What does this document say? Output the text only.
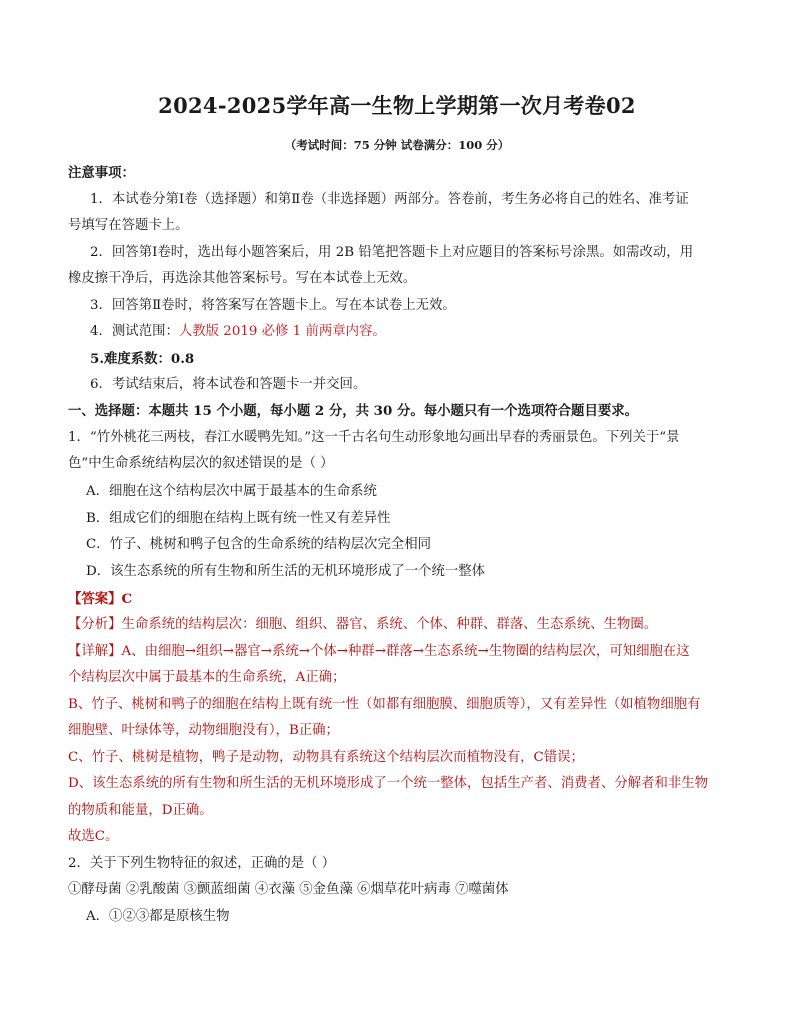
2024-2025学年高一生物上学期第一次月考卷02
（考试时间：75 分钟 试卷满分：100 分）
注意事项：
1．本试卷分第Ⅰ卷（选择题）和第Ⅱ卷（非选择题）两部分。答卷前，考生务必将自己的姓名、准考证
号填写在答题卡上。
2．回答第Ⅰ卷时，选出每小题答案后，用 2B 铅笔把答题卡上对应题目的答案标号涂黑。如需改动，用
橡皮擦干净后，再选涂其他答案标号。写在本试卷上无效。
3．回答第Ⅱ卷时，将答案写在答题卡上。写在本试卷上无效。
4．测试范围：人教版 2019 必修 1 前两章内容。
5.难度系数：0.8
6．考试结束后，将本试卷和答题卡一并交回。
一、选择题：本题共 15 个小题，每小题 2 分，共 30 分。每小题只有一个选项符合题目要求。
1．“竹外桃花三两枝，春江水暖鸭先知。”这一千古名句生动形象地勾画出早春的秀丽景色。下列关于“景
色”中生命系统结构层次的叙述错误的是（ ）
A．细胞在这个结构层次中属于最基本的生命系统
B．组成它们的细胞在结构上既有统一性又有差异性
C．竹子、桃树和鸭子包含的生命系统的结构层次完全相同
D．该生态系统的所有生物和所生活的无机环境形成了一个统一整体
【答案】C
【分析】生命系统的结构层次：细胞、组织、器官、系统、个体、种群、群落、生态系统、生物圈。
【详解】A、由细胞→组织→器官→系统→个体→种群→群落→生态系统→生物圈的结构层次，可知细胞在这
个结构层次中属于最基本的生命系统，A正确；
B、竹子、桃树和鸭子的细胞在结构上既有统一性（如都有细胞膜、细胞质等），又有差异性（如植物细胞有
细胞壁、叶绿体等，动物细胞没有），B正确；
C、竹子、桃树是植物，鸭子是动物，动物具有系统这个结构层次而植物没有，C错误；
D、该生态系统的所有生物和所生活的无机环境形成了一个统一整体，包括生产者、消费者、分解者和非生物
的物质和能量，D正确。
故选C。
2．关于下列生物特征的叙述，正确的是（ ）
①酵母菌 ②乳酸菌 ③颤蓝细菌 ④衣藻 ⑤金鱼藻 ⑥烟草花叶病毒 ⑦噬菌体
A．①②③都是原核生物
